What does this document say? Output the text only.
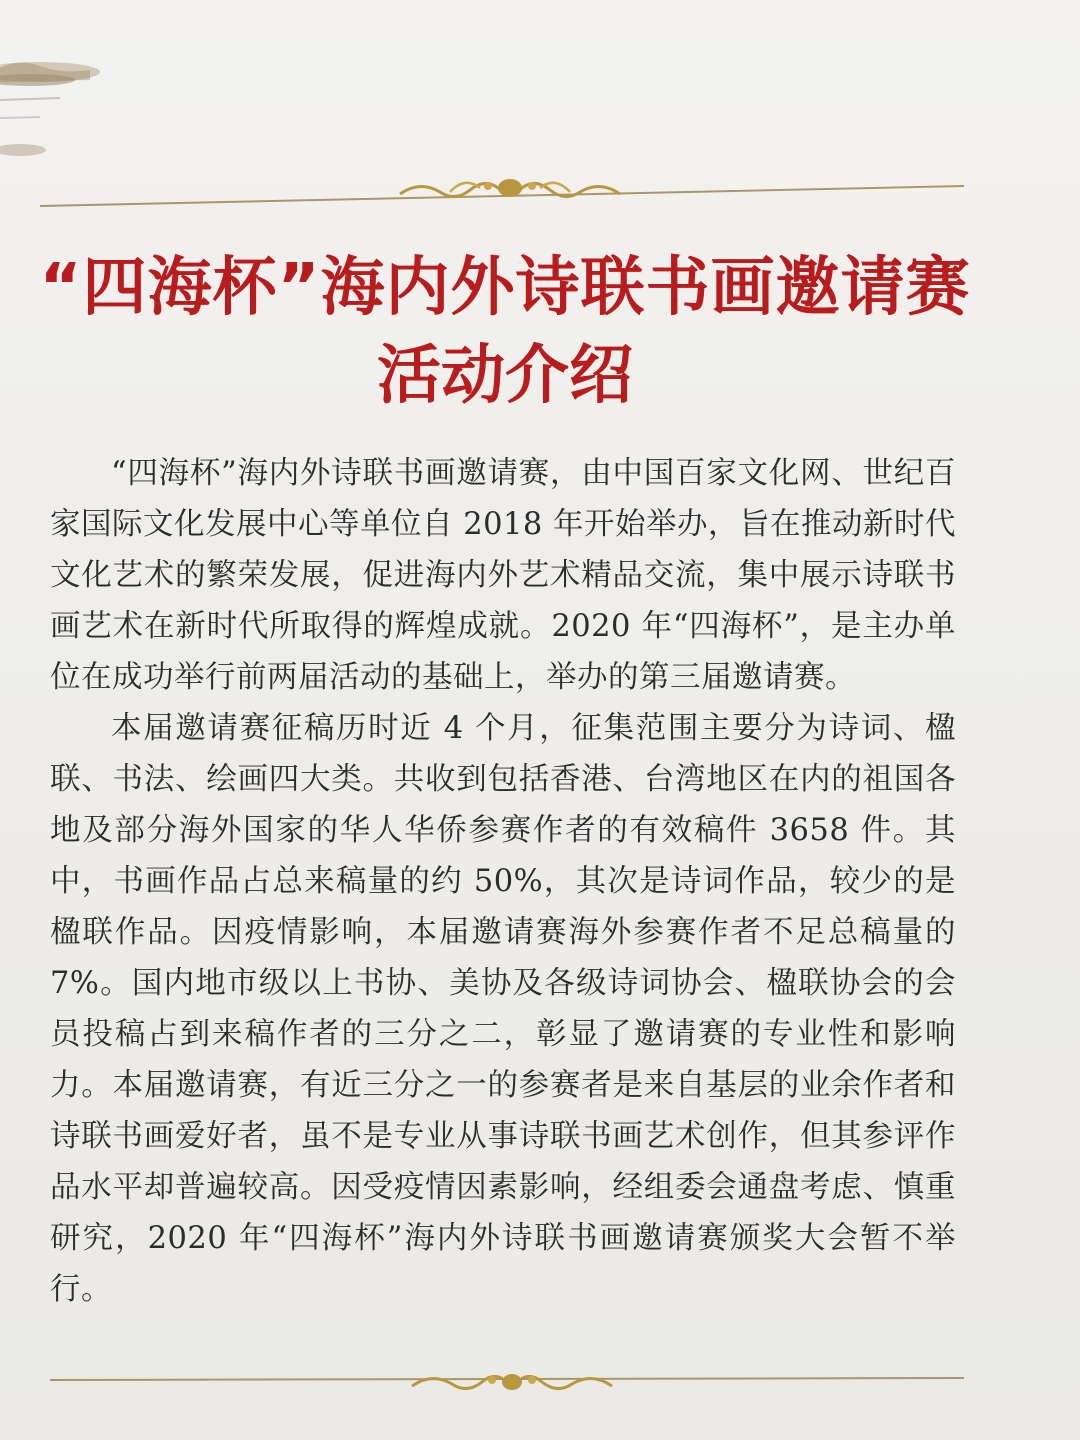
“四海杯”海内外诗联书画邀请赛
活动介绍

“四海杯”海内外诗联书画邀请赛，由中国百家文化网、世纪百家国际文化发展中心等单位自 2018 年开始举办，旨在推动新时代文化艺术的繁荣发展，促进海内外艺术精品交流，集中展示诗联书画艺术在新时代所取得的辉煌成就。2020 年“四海杯”，是主办单位在成功举行前两届活动的基础上，举办的第三届邀请赛。

本届邀请赛征稿历时近 4 个月，征集范围主要分为诗词、楹联、书法、绘画四大类。共收到包括香港、台湾地区在内的祖国各地及部分海外国家的华人华侨参赛作者的有效稿件 3658 件。其中，书画作品占总来稿量的约 50%，其次是诗词作品，较少的是楹联作品。因疫情影响，本届邀请赛海外参赛作者不足总稿量的 7%。国内地市级以上书协、美协及各级诗词协会、楹联协会的会员投稿占到来稿作者的三分之二，彰显了邀请赛的专业性和影响力。本届邀请赛，有近三分之一的参赛者是来自基层的业余作者和诗联书画爱好者，虽不是专业从事诗联书画艺术创作，但其参评作品水平却普遍较高。因受疫情因素影响，经组委会通盘考虑、慎重研究，2020 年“四海杯”海内外诗联书画邀请赛颁奖大会暂不举行。
